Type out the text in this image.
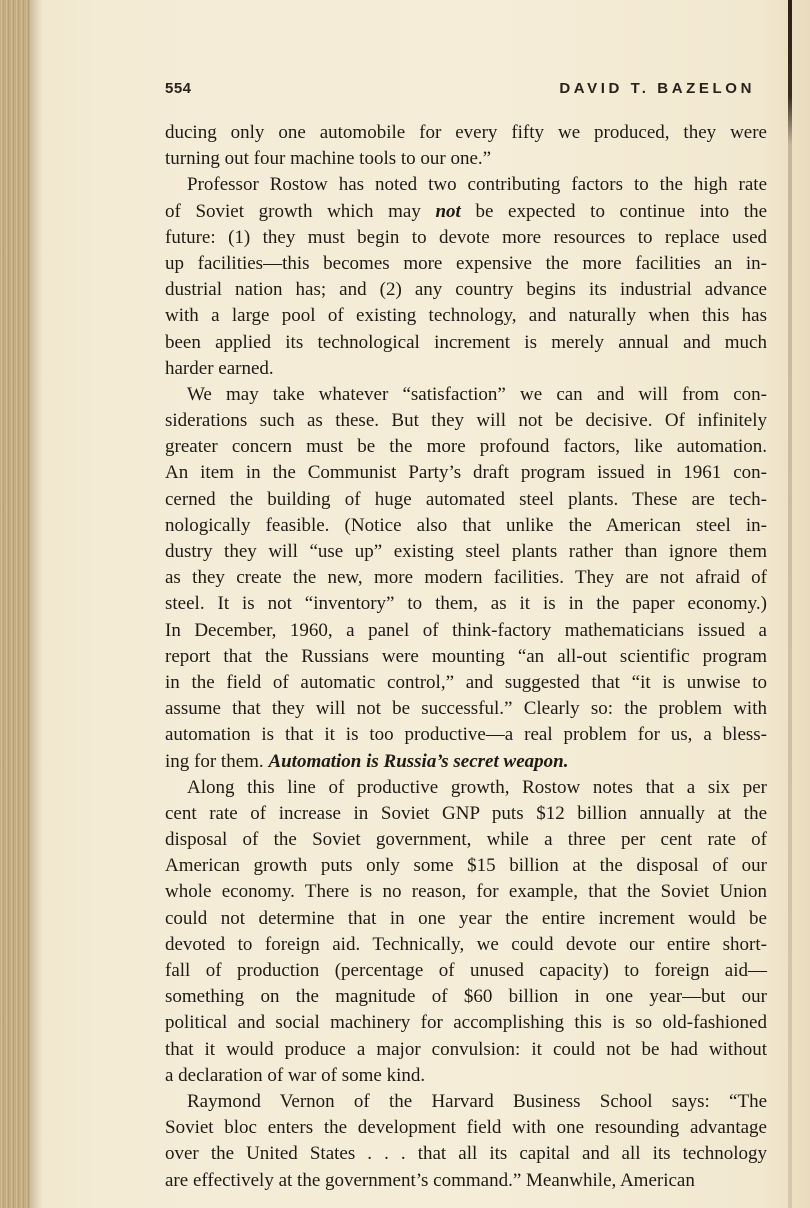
554	DAVID T. BAZELON
ducing only one automobile for every fifty we produced, they were
turning out four machine tools to our one.”
Professor Rostow has noted two contributing factors to the high rate
of Soviet growth which may not be expected to continue into the
future: (1) they must begin to devote more resources to replace used
up facilities—this becomes more expensive the more facilities an in-
dustrial nation has; and (2) any country begins its industrial advance
with a large pool of existing technology, and naturally when this has
been applied its technological increment is merely annual and much
harder earned.
We may take whatever “satisfaction” we can and will from con-
siderations such as these. But they will not be decisive. Of infinitely
greater concern must be the more profound factors, like automation.
An item in the Communist Party’s draft program issued in 1961 con-
cerned the building of huge automated steel plants. These are tech-
nologically feasible. (Notice also that unlike the American steel in-
dustry they will “use up” existing steel plants rather than ignore them
as they create the new, more modern facilities. They are not afraid of
steel. It is not “inventory” to them, as it is in the paper economy.)
In December, 1960, a panel of think-factory mathematicians issued a
report that the Russians were mounting “an all-out scientific program
in the field of automatic control,” and suggested that “it is unwise to
assume that they will not be successful.” Clearly so: the problem with
automation is that it is too productive—a real problem for us, a bless-
ing for them. Automation is Russia’s secret weapon.
Along this line of productive growth, Rostow notes that a six per
cent rate of increase in Soviet GNP puts $12 billion annually at the
disposal of the Soviet government, while a three per cent rate of
American growth puts only some $15 billion at the disposal of our
whole economy. There is no reason, for example, that the Soviet Union
could not determine that in one year the entire increment would be
devoted to foreign aid. Technically, we could devote our entire short-
fall of production (percentage of unused capacity) to foreign aid—
something on the magnitude of $60 billion in one year—but our
political and social machinery for accomplishing this is so old-fashioned
that it would produce a major convulsion: it could not be had without
a declaration of war of some kind.
Raymond Vernon of the Harvard Business School says: “The
Soviet bloc enters the development field with one resounding advantage
over the United States . . . that all its capital and all its technology
are effectively at the government’s command.” Meanwhile, American
